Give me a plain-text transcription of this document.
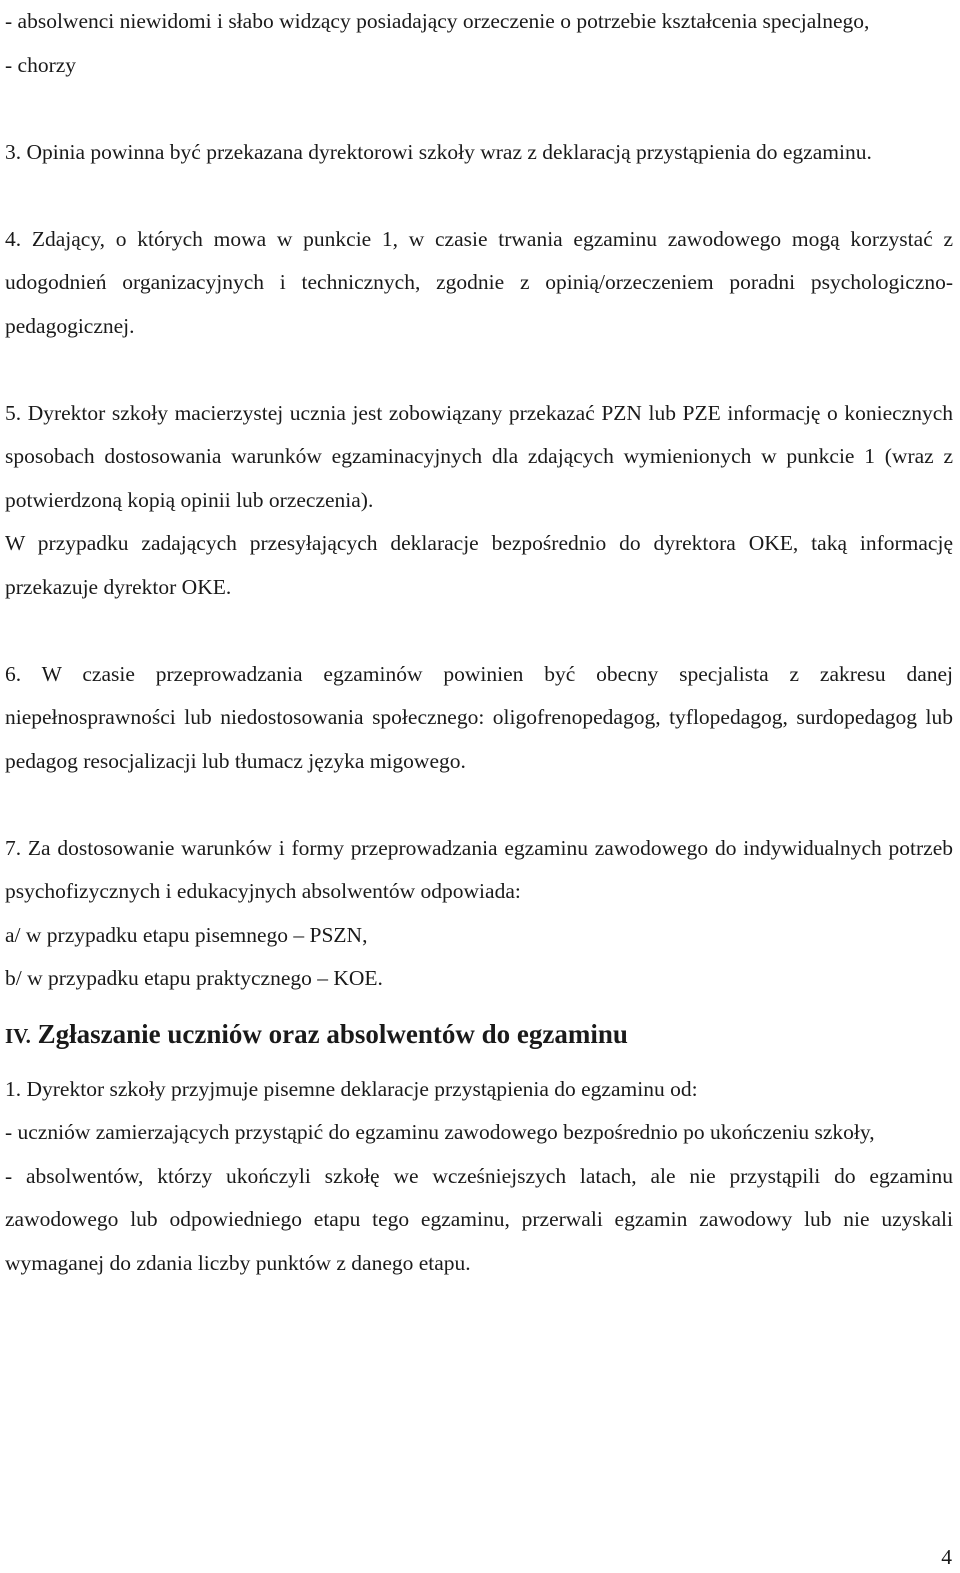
- absolwenci niewidomi i słabo widzący posiadający orzeczenie o potrzebie kształcenia specjalnego,

- chorzy

3. Opinia powinna być przekazana dyrektorowi szkoły wraz z deklaracją przystąpienia do egzaminu.

4. Zdający, o których mowa w punkcie 1, w czasie trwania egzaminu zawodowego mogą korzystać z udogodnień organizacyjnych i technicznych, zgodnie z opinią/orzeczeniem poradni psychologiczno-pedagogicznej.

5. Dyrektor szkoły macierzystej ucznia jest zobowiązany przekazać PZN lub PZE informację o koniecznych sposobach dostosowania warunków egzaminacyjnych dla zdających wymienionych w punkcie 1 (wraz z potwierdzoną kopią opinii lub orzeczenia).

W przypadku zadających przesyłających deklaracje bezpośrednio do dyrektora OKE, taką informację przekazuje dyrektor OKE.

6. W czasie przeprowadzania egzaminów powinien być obecny specjalista z zakresu danej niepełnosprawności lub niedostosowania społecznego: oligofrenopedagog, tyflopedagog, surdopedagog lub pedagog resocjalizacji lub tłumacz języka migowego.

7. Za dostosowanie warunków i formy przeprowadzania egzaminu zawodowego do indywidualnych potrzeb psychofizycznych i edukacyjnych absolwentów odpowiada:

a/ w przypadku etapu pisemnego – PSZN,

b/ w przypadku etapu praktycznego – KOE.

IV. Zgłaszanie uczniów oraz absolwentów do egzaminu

1. Dyrektor szkoły przyjmuje pisemne deklaracje przystąpienia do egzaminu od:

- uczniów zamierzających przystąpić do egzaminu zawodowego bezpośrednio po ukończeniu szkoły,

- absolwentów, którzy ukończyli szkołę we wcześniejszych latach, ale nie przystąpili do egzaminu zawodowego lub odpowiedniego etapu tego egzaminu, przerwali egzamin zawodowy lub nie uzyskali wymaganej do zdania liczby punktów z danego etapu.

4
